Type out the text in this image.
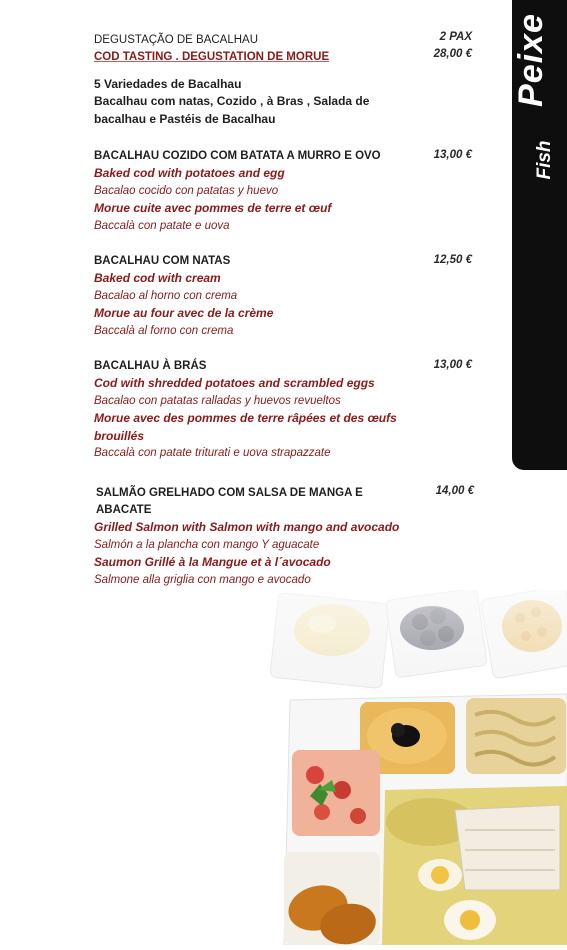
Peixe
Fish

DEGUSTAÇÃO DE BACALHAU

COD TASTING . DEGUSTATION DE MORUE

5 Variedades de Bacalhau

Bacalhau com natas, Cozido , à Bras , Salada de

bacalhau e Pastéis de Bacalhau

2 PAX
28,00 €

BACALHAU COZIDO COM BATATA A MURRO E OVO

Baked cod with potatoes and egg

Bacalao cocido con patatas y huevo

Morue cuite avec pommes de terre et œuf

Baccalà con patate e uova

13,00 €

BACALHAU COM NATAS

Baked cod with cream

Bacalao al horno con crema

Morue au four avec de la crème

Baccalà al forno con crema

12,50 €

BACALHAU À BRÁS

Cod with shredded potatoes and scrambled eggs

Bacalao con patatas ralladas y huevos revueltos

Morue avec des pommes de terre râpées et des œufs

brouillés

Baccalà con patate triturati e uova strapazzate

13,00 €

SALMÃO GRELHADO COM SALSA DE MANGA E

ABACATE

Grilled Salmon with Salmon with mango and avocado

Salmón a la plancha con mango Y aguacate

Saumon Grillé à la Mangue et à l´avocado

Salmone alla griglia con mango e avocado

14,00 €
